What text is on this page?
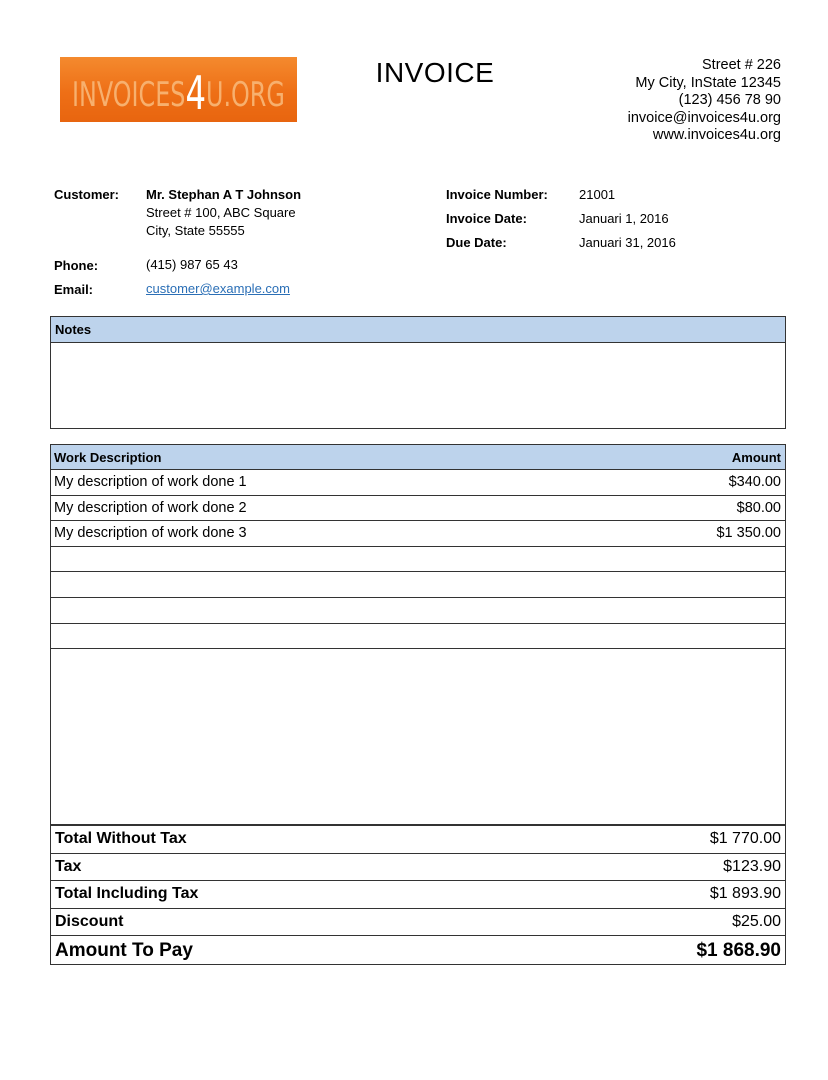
INVOICES4U.ORG
INVOICE	Street # 226
My City, InState 12345
(123) 456 78 90
invoice@invoices4u.org
www.invoices4u.org
Customer: Mr. Stephan A T Johnson
Street # 100, ABC Square
City, State 55555
Phone:	(415) 987 65 43
Email:	customer@example.com
Invoice Number: 21001
Invoice Date:	Januari 1, 2016
Due Date:	Januari 31, 2016
Notes
Work Description	Amount
My description of work done 1	$340.00
My description of work done 2	$80.00
My description of work done 3	$1 350.00
Total Without Tax	$1 770.00
Tax	$123.90
Total Including Tax	$1 893.90
Discount	$25.00
Amount To Pay	$1 868.90
